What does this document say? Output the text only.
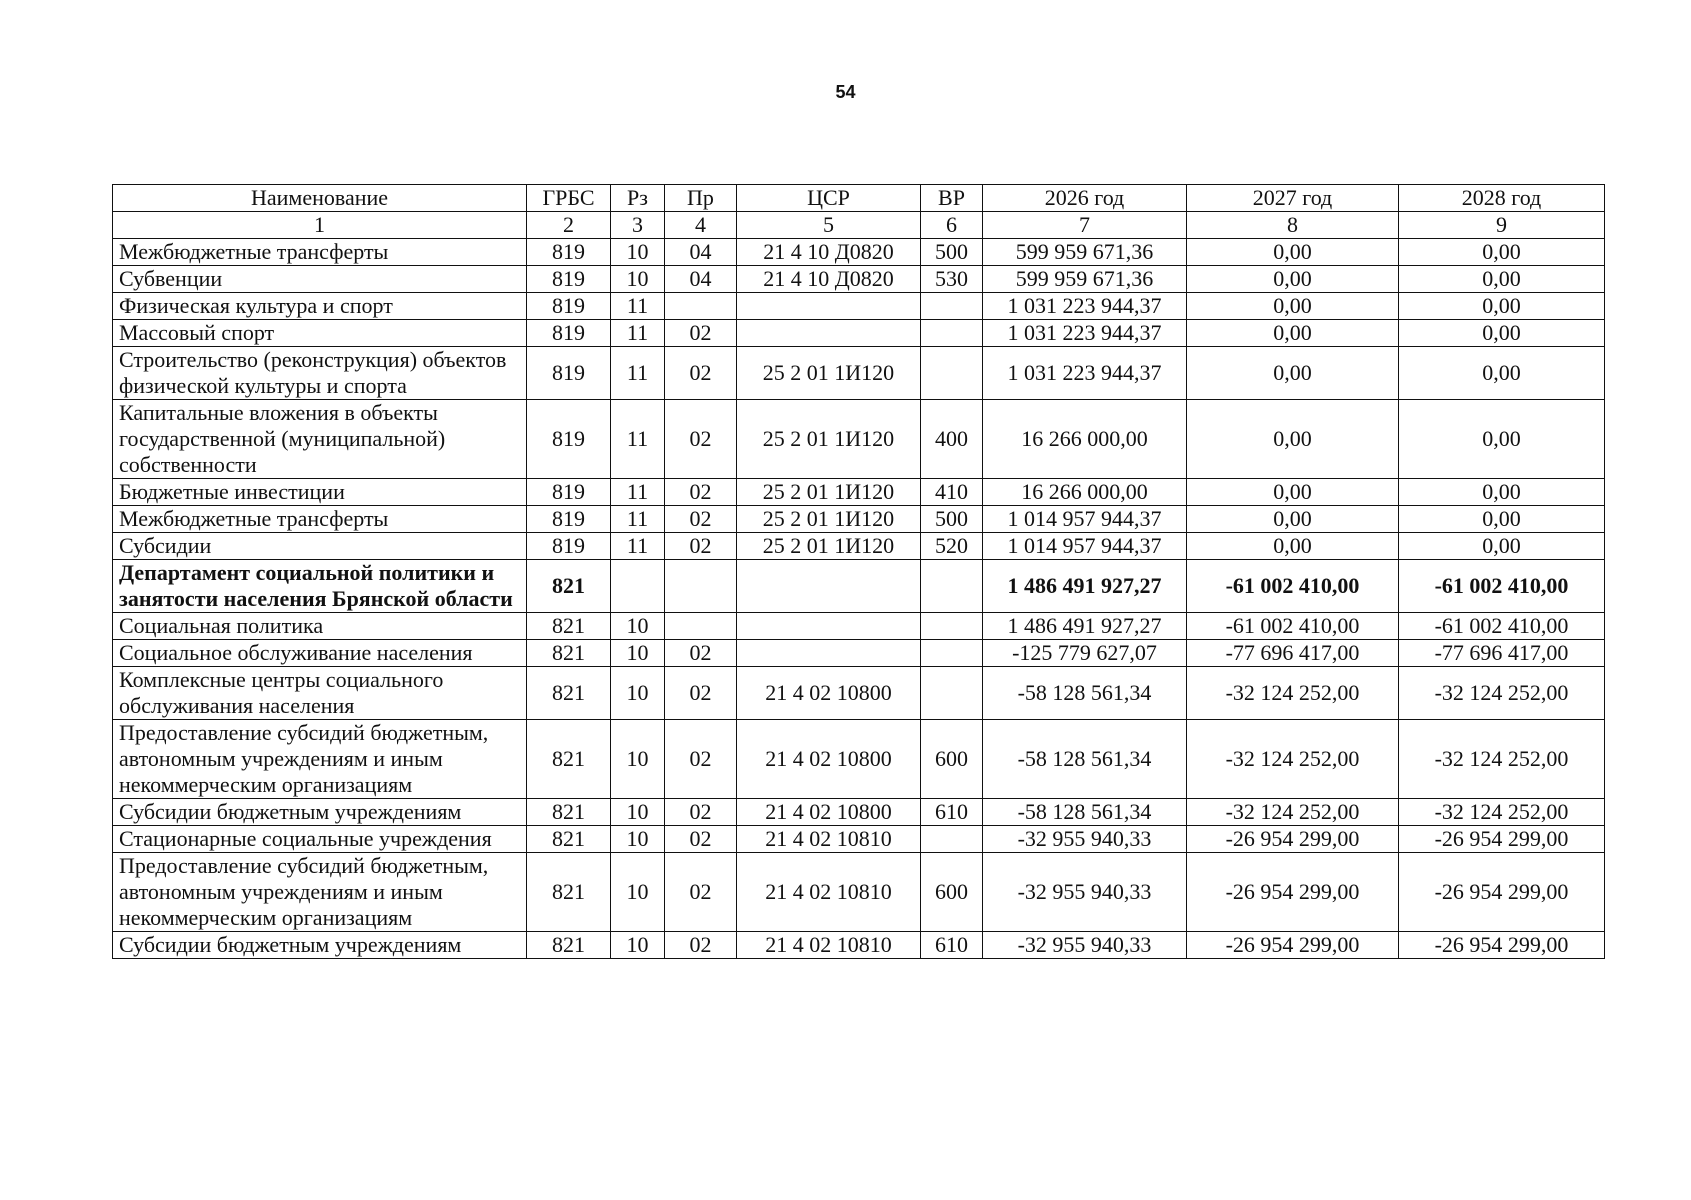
54
Наименование	ГРБС	Рз	Пр	ЦСР	ВР	2026 год	2027 год	2028 год
1	2	3	4	5	6	7	8	9
Межбюджетные трансферты	819	10	04	21 4 10 Д0820	500	599 959 671,36	0,00	0,00
Субвенции	819	10	04	21 4 10 Д0820	530	599 959 671,36	0,00	0,00
Физическая культура и спорт	819	11				1 031 223 944,37	0,00	0,00
Массовый спорт	819	11	02			1 031 223 944,37	0,00	0,00
Строительство (реконструкция) объектов физической культуры и спорта	819	11	02	25 2 01 1И120		1 031 223 944,37	0,00	0,00
Капитальные вложения в объекты государственной (муниципальной) собственности	819	11	02	25 2 01 1И120	400	16 266 000,00	0,00	0,00
Бюджетные инвестиции	819	11	02	25 2 01 1И120	410	16 266 000,00	0,00	0,00
Межбюджетные трансферты	819	11	02	25 2 01 1И120	500	1 014 957 944,37	0,00	0,00
Субсидии	819	11	02	25 2 01 1И120	520	1 014 957 944,37	0,00	0,00
Департамент социальной политики и занятости населения Брянской области	821					1 486 491 927,27	-61 002 410,00	-61 002 410,00
Социальная политика	821	10				1 486 491 927,27	-61 002 410,00	-61 002 410,00
Социальное обслуживание населения	821	10	02			-125 779 627,07	-77 696 417,00	-77 696 417,00
Комплексные центры социального обслуживания населения	821	10	02	21 4 02 10800		-58 128 561,34	-32 124 252,00	-32 124 252,00
Предоставление субсидий бюджетным, автономным учреждениям и иным некоммерческим организациям	821	10	02	21 4 02 10800	600	-58 128 561,34	-32 124 252,00	-32 124 252,00
Субсидии бюджетным учреждениям	821	10	02	21 4 02 10800	610	-58 128 561,34	-32 124 252,00	-32 124 252,00
Стационарные социальные учреждения	821	10	02	21 4 02 10810		-32 955 940,33	-26 954 299,00	-26 954 299,00
Предоставление субсидий бюджетным, автономным учреждениям и иным некоммерческим организациям	821	10	02	21 4 02 10810	600	-32 955 940,33	-26 954 299,00	-26 954 299,00
Субсидии бюджетным учреждениям	821	10	02	21 4 02 10810	610	-32 955 940,33	-26 954 299,00	-26 954 299,00
